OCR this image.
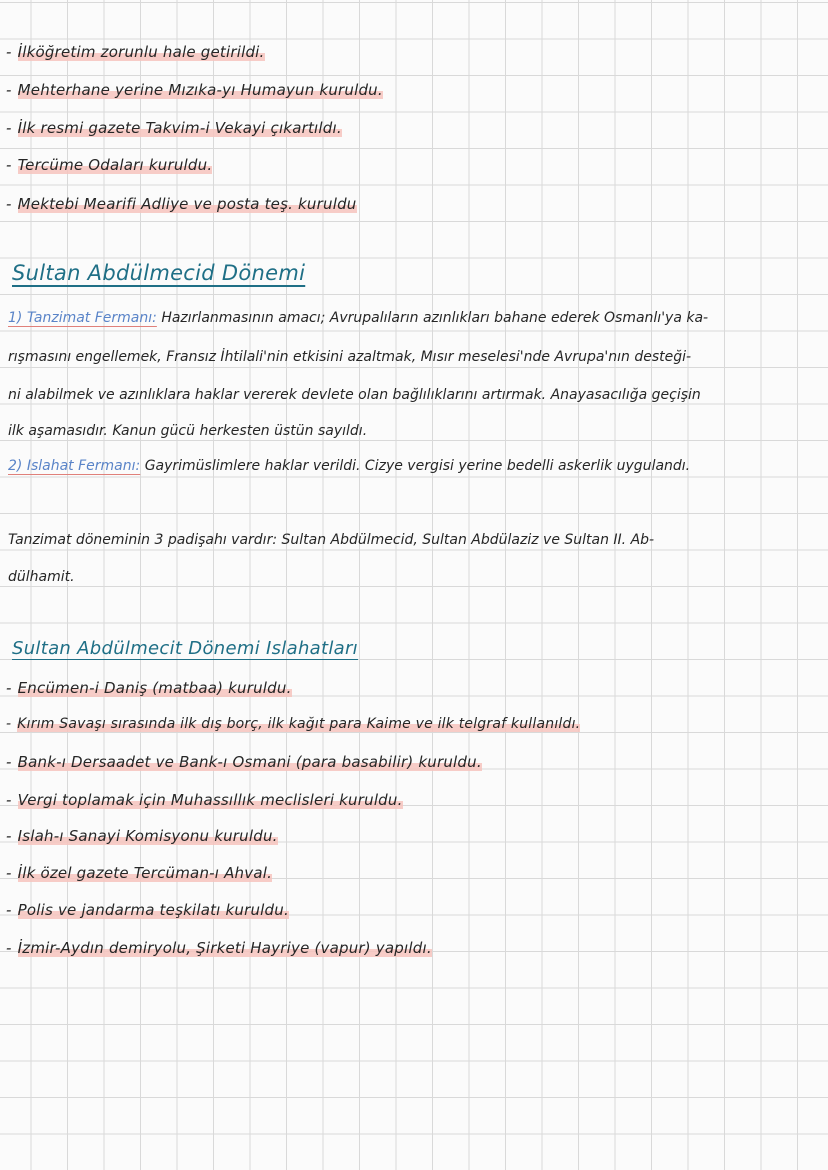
- İlköğretim zorunlu hale getirildi.
- Mehterhane yerine Mızıka-yı Humayun kuruldu.
- İlk resmi gazete Takvim-i Vekayi çıkartıldı.
- Tercüme Odaları kuruldu.
- Mektebi Mearifi Adliye ve posta teş. kuruldu
Sultan Abdülmecid Dönemi
1) Tanzimat Fermanı: Hazırlanmasının amacı; Avrupalıların azınlıkları bahane ederek Osmanlı'ya ka-
rışmasını engellemek, Fransız İhtilali'nin etkisini azaltmak, Mısır meselesi'nde Avrupa'nın desteği-
ni alabilmek ve azınlıklara haklar vererek devlete olan bağlılıklarını artırmak. Anayasacılığa geçişin
ilk aşamasıdır. Kanun gücü herkesten üstün sayıldı.
2) Islahat Fermanı: Gayrimüslimlere haklar verildi. Cizye vergisi yerine bedelli askerlik uygulandı.
Tanzimat döneminin 3 padişahı vardır: Sultan Abdülmecid, Sultan Abdülaziz ve Sultan II. Ab-
dülhamit.
Sultan Abdülmecit Dönemi Islahatları
- Encümen-i Daniş (matbaa) kuruldu.
- Kırım Savaşı sırasında ilk dış borç, ilk kağıt para Kaime ve ilk telgraf kullanıldı.
- Bank-ı Dersaadet ve Bank-ı Osmani (para basabilir) kuruldu.
- Vergi toplamak için Muhassıllık meclisleri kuruldu.
- Islah-ı Sanayi Komisyonu kuruldu.
- İlk özel gazete Tercüman-ı Ahval.
- Polis ve jandarma teşkilatı kuruldu.
- İzmir-Aydın demiryolu, Şirketi Hayriye (vapur) yapıldı.
